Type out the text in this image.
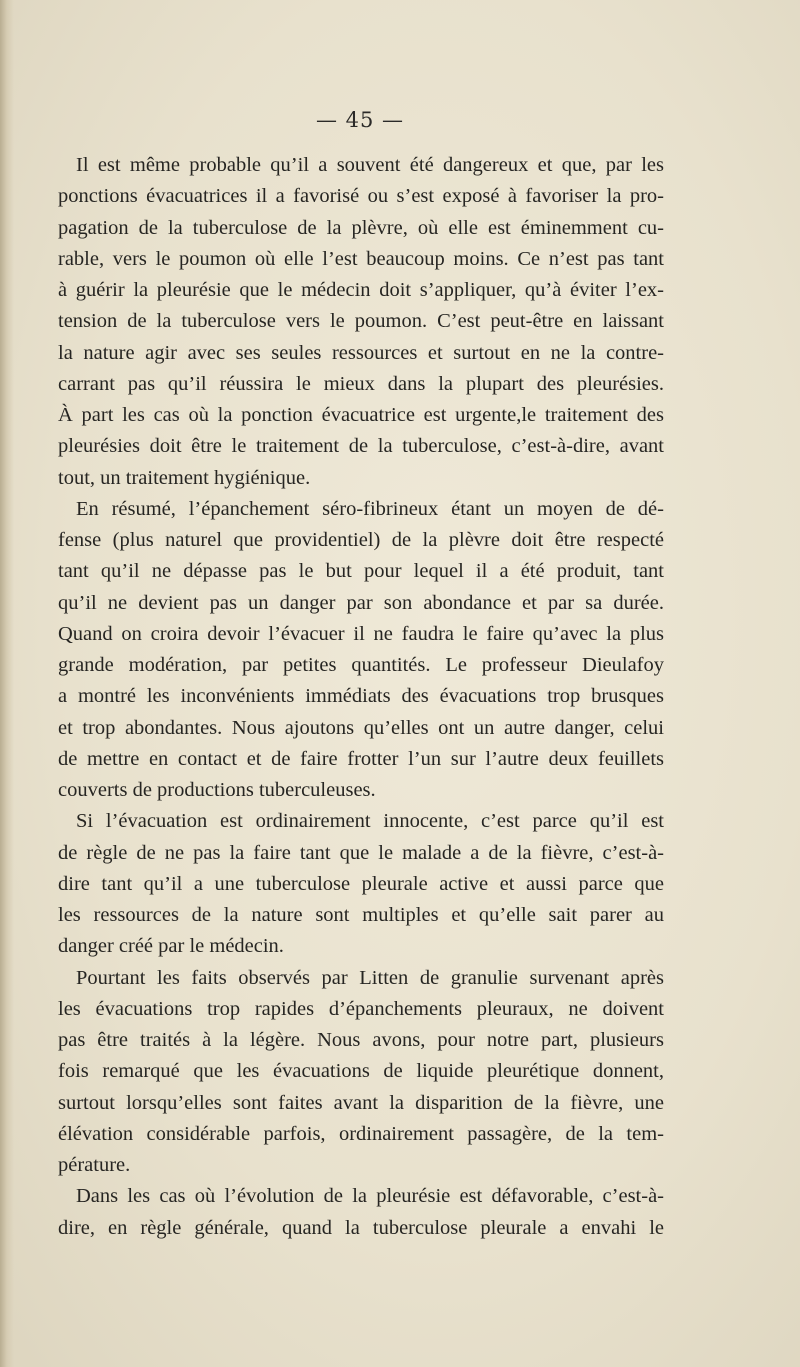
— 45 —
Il est même probable qu’il a souvent été dangereux et que, par les
ponctions évacuatrices il a favorisé ou s’est exposé à favoriser la pro-
pagation de la tuberculose de la plèvre, où elle est éminemment cu-
rable, vers le poumon où elle l’est beaucoup moins. Ce n’est pas tant
à guérir la pleurésie que le médecin doit s’appliquer, qu’à éviter l’ex-
tension de la tuberculose vers le poumon. C’est peut-être en laissant
la nature agir avec ses seules ressources et surtout en ne la contre-
carrant pas qu’il réussira le mieux dans la plupart des pleurésies.
À part les cas où la ponction évacuatrice est urgente,le traitement des
pleurésies doit être le traitement de la tuberculose, c’est-à-dire, avant
tout, un traitement hygiénique.
En résumé, l’épanchement séro-fibrineux étant un moyen de dé-
fense (plus naturel que providentiel) de la plèvre doit être respecté
tant qu’il ne dépasse pas le but pour lequel il a été produit, tant
qu’il ne devient pas un danger par son abondance et par sa durée.
Quand on croira devoir l’évacuer il ne faudra le faire qu’avec la plus
grande modération, par petites quantités. Le professeur Dieulafoy
a montré les inconvénients immédiats des évacuations trop brusques
et trop abondantes. Nous ajoutons qu’elles ont un autre danger, celui
de mettre en contact et de faire frotter l’un sur l’autre deux feuillets
couverts de productions tuberculeuses.
Si l’évacuation est ordinairement innocente, c’est parce qu’il est
de règle de ne pas la faire tant que le malade a de la fièvre, c’est-à-
dire tant qu’il a une tuberculose pleurale active et aussi parce que
les ressources de la nature sont multiples et qu’elle sait parer au
danger créé par le médecin.
Pourtant les faits observés par Litten de granulie survenant après
les évacuations trop rapides d’épanchements pleuraux, ne doivent
pas être traités à la légère. Nous avons, pour notre part, plusieurs
fois remarqué que les évacuations de liquide pleurétique donnent,
surtout lorsqu’elles sont faites avant la disparition de la fièvre, une
élévation considérable parfois, ordinairement passagère, de la tem-
pérature.
Dans les cas où l’évolution de la pleurésie est défavorable, c’est-à-
dire, en règle générale, quand la tuberculose pleurale a envahi le
